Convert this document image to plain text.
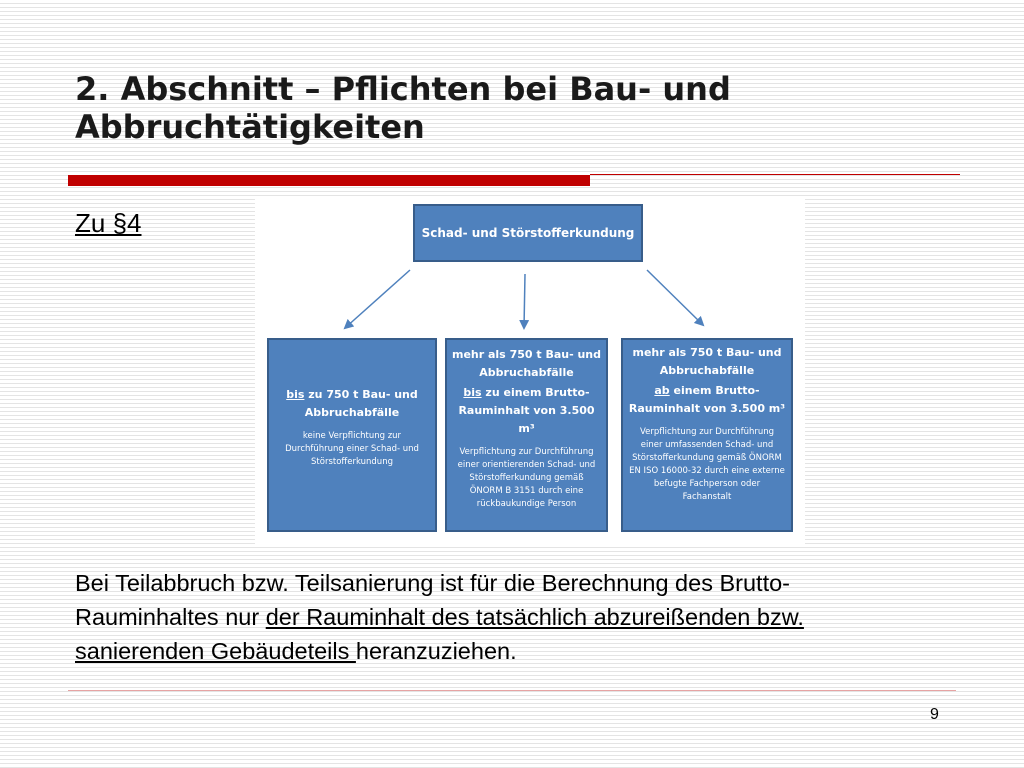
2. Abschnitt – Pflichten bei Bau- und Abbruchtätigkeiten
Zu §4	Schad- und Störstofferkundung
bis zu 750 t Bau- und
Abbruchabfälle
keine Verpflichtung zur Durchführung einer Schad- und Störstofferkundung
mehr als 750 t Bau- und
Abbruchabfälle
bis zu einem Brutto-
Rauminhalt von 3.500 m³
Verpflichtung zur Durchführung einer orientierenden Schad- und Störstofferkundung gemäß ÖNORM B 3151 durch eine rückbaukundige Person
mehr als 750 t Bau- und
Abbruchabfälle
ab einem Brutto-
Rauminhalt von 3.500 m³
Verpflichtung zur Durchführung einer umfassenden Schad- und Störstofferkundung gemäß ÖNORM EN ISO 16000-32 durch eine externe befugte Fachperson oder Fachanstalt

Bei Teilabbruch bzw. Teilsanierung ist für die Berechnung des Brutto- Rauminhaltes nur der Rauminhalt des tatsächlich abzureißenden bzw. sanierenden Gebäudeteils heranzuziehen.

9
